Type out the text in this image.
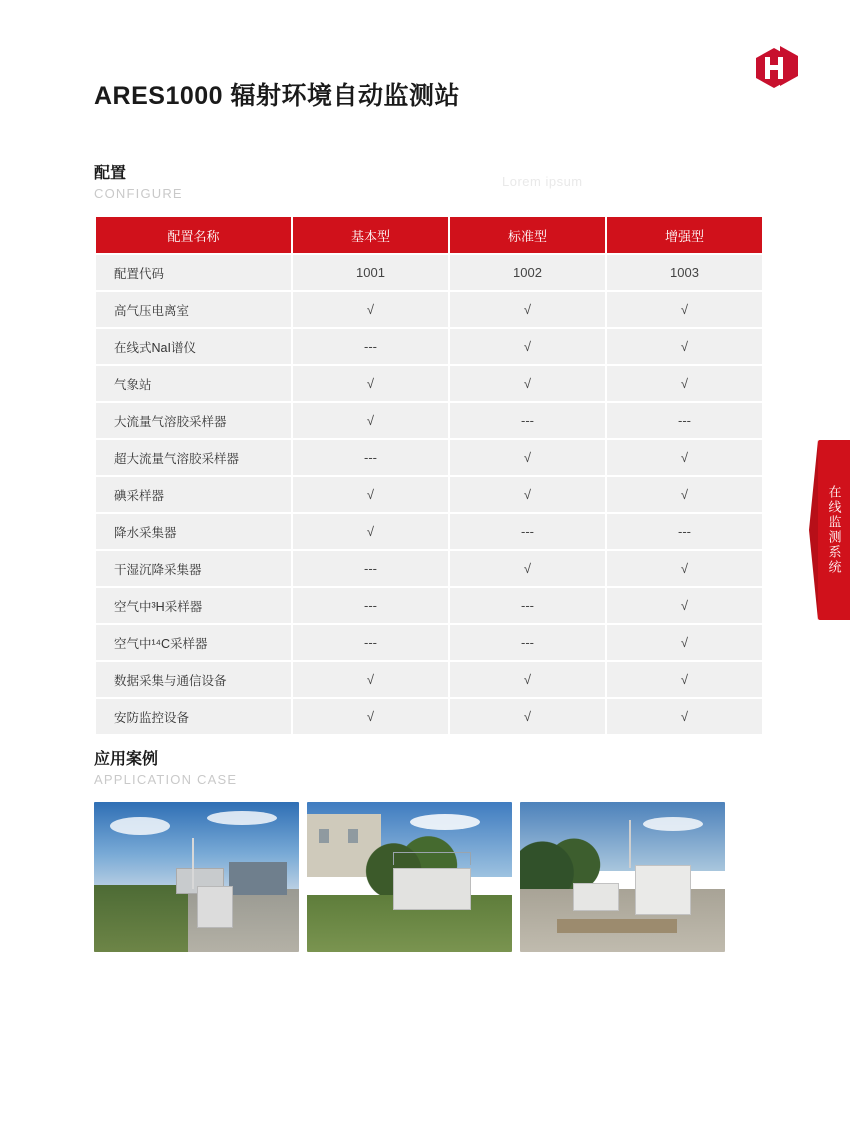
ARES1000 辐射环境自动监测站
配置
CONFIGURE
Lorem ipsum
配置名称	基本型	标准型	增强型
配置代码	1001	1002	1003
高气压电离室	√	√	√
在线式NaI谱仪	---	√	√
气象站	√	√	√
大流量气溶胶采样器	√	---	---
超大流量气溶胶采样器	---	√	√
碘采样器	√	√	√
降水采集器	√	---	---
干湿沉降采集器	---	√	√
空气中³H采样器	---	---	√
空气中¹⁴C采样器	---	---	√
数据采集与通信设备	√	√	√
安防监控设备	√	√	√
应用案例
APPLICATION CASE
在线监测系统
